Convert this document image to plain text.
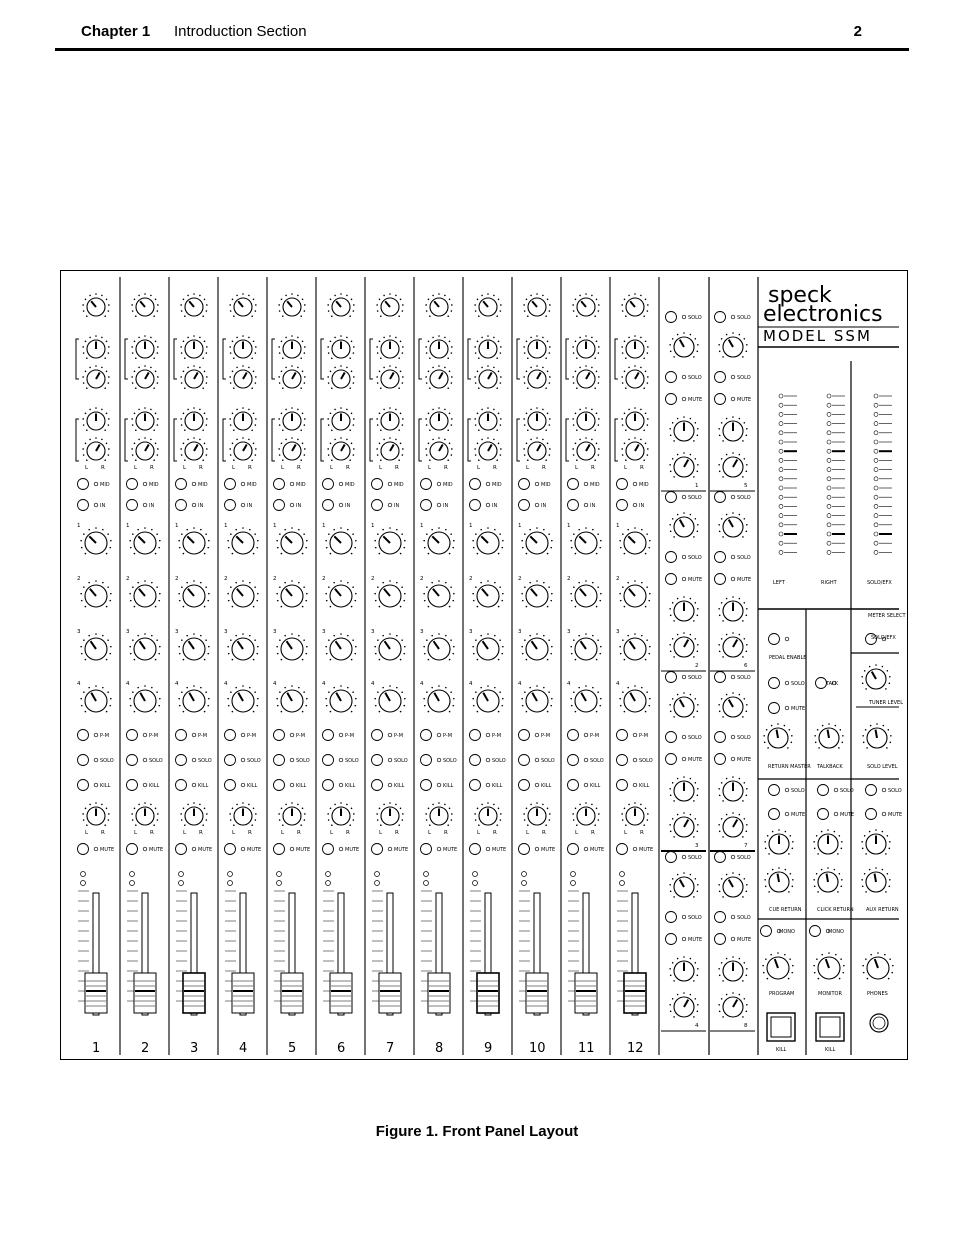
Chapter 1 Introduction Section	2
L R
MID
IN
1
2
3
4
P-M
SOLO
KILL
L R
MUTE
1
L R
MID
IN
1
2
3
4
P-M
SOLO
KILL
L R
MUTE
2
L R
MID
IN
1
2
3
4
P-M
SOLO
KILL
L R
MUTE
3
L R
MID
IN
1
2
3
4
P-M
SOLO
KILL
L R
MUTE
4
L R
MID
IN
1
2
3
4
P-M
SOLO
KILL
L R
MUTE
5
L R
MID
IN
1
2
3
4
P-M
SOLO
KILL
L R
MUTE
6
L R
MID
IN
1
2
3
4
P-M
SOLO
KILL
L R
MUTE
7
L R
MID
IN
1
2
3
4
P-M
SOLO
KILL
L R
MUTE
8
L R
MID
IN
1
2
3
4
P-M
SOLO
KILL
L R
MUTE
9
L R
MID
IN
1
2
3
4
P-M
SOLO
KILL
L R
MUTE
10
L R
MID
IN
1
2
3
4
P-M
SOLO
KILL
L R
MUTE
11
L R
MID
IN
1
2
3
4
P-M
SOLO
KILL
L R
MUTE
12
SOLO
SOLO
MUTE
1
SOLO
SOLO
MUTE
2
SOLO
SOLO
MUTE
3
SOLO
SOLO
MUTE
4
SOLO
SOLO
MUTE
5
SOLO
SOLO
MUTE
6
SOLO
SOLO
MUTE
7
SOLO
SOLO
MUTE
8
speck
electronics
MODEL SSM
LEFT	RIGHT	SOLO/EFX
SOLO
MUTE
SOLO
MUTE
SOLO
MUTE
SOLO
MUTE
METER SELECT
SOLO/EFX
PEDAL ENABLE
TUNER LEVEL
RETURN MASTER TALKBACK
TALK
SOLO LEVEL
CUE RETURN	CLICK RETURN AUX RETURN
MONO	MONO
PROGRAM	MONITOR	PHONES
KILL	KILL
Figure 1. Front Panel Layout
